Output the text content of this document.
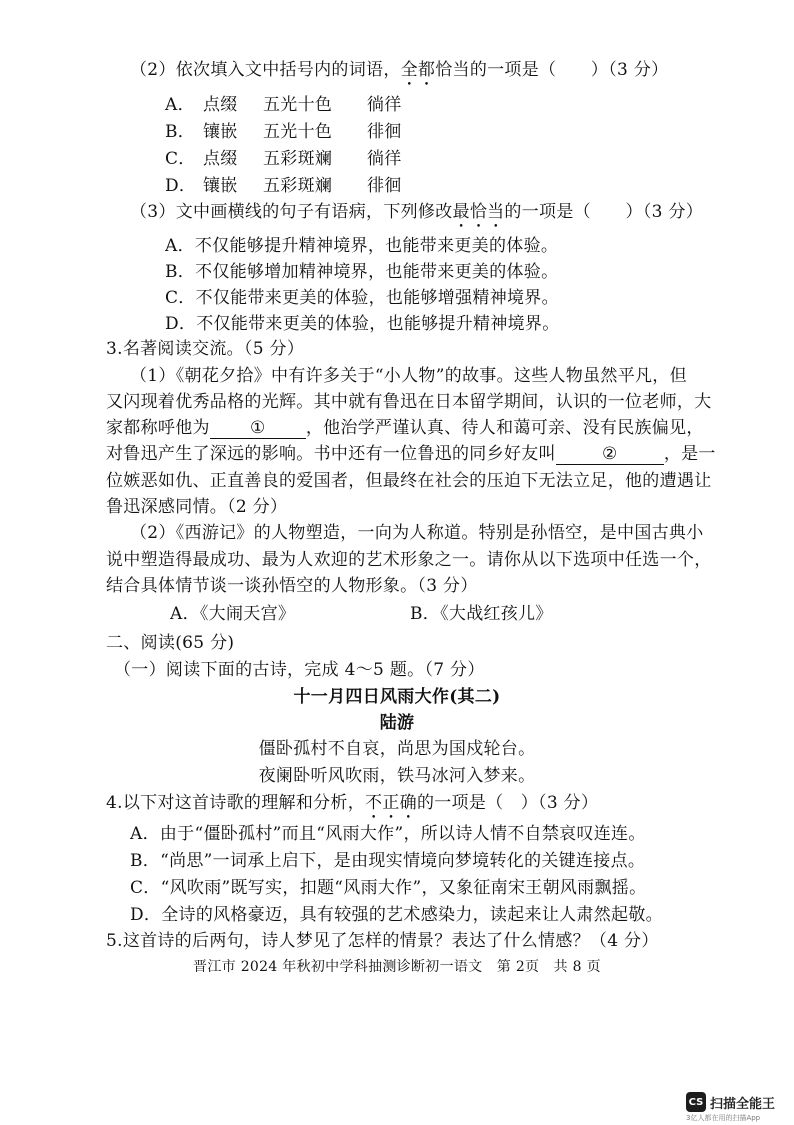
（2）依次填入文中括号内的词语，全都恰当的一项是（　　）（3 分）
A． 点缀 五光十色 徜徉
B． 镶嵌 五光十色 徘徊
C． 点缀 五彩斑斓 徜徉
D． 镶嵌 五彩斑斓 徘徊
（3）文中画横线的句子有语病，下列修改最恰当的一项是（　　）（3 分）
A．不仅能够提升精神境界，也能带来更美的体验。
B．不仅能够增加精神境界，也能带来更美的体验。
C．不仅能带来更美的体验，也能够增强精神境界。
D．不仅能带来更美的体验，也能够提升精神境界。
3.名著阅读交流。（5 分）
（1）《朝花夕拾》中有许多关于“小人物”的故事。这些人物虽然平凡，但
又闪现着优秀品格的光辉。其中就有鲁迅在日本留学期间，认识的一位老师，大
家都称呼他为 ① ，他治学严谨认真、待人和蔼可亲、没有民族偏见，
对鲁迅产生了深远的影响。书中还有一位鲁迅的同乡好友叫	②	，是一
位嫉恶如仇、正直善良的爱国者，但最终在社会的压迫下无法立足，他的遭遇让
鲁迅深感同情。（2 分）
（2）《西游记》的人物塑造，一向为人称道。特别是孙悟空，是中国古典小
说中塑造得最成功、最为人欢迎的艺术形象之一。请你从以下选项中任选一个，
结合具体情节谈一谈孙悟空的人物形象。（3 分）
A．《大闹天宫》	B．《大战红孩儿》
二、阅读(65 分)
（一）阅读下面的古诗，完成 4～5 题。（7 分）
十一月四日风雨大作(其二)
陆游
僵卧孤村不自哀，尚思为国戍轮台。
夜阑卧听风吹雨，铁马冰河入梦来。
4.以下对这首诗歌的理解和分析，不正确的一项是（　）（3 分）
A．由于“僵卧孤村”而且“风雨大作”，所以诗人情不自禁哀叹连连。
B．“尚思”一词承上启下，是由现实情境向梦境转化的关键连接点。
C．“风吹雨”既写实，扣题“风雨大作”，又象征南宋王朝风雨飘摇。
D．全诗的风格豪迈，具有较强的艺术感染力，读起来让人肃然起敬。
5.这首诗的后两句，诗人梦见了怎样的情景？表达了什么情感？（4 分）
晋江市 2024 年秋初中学科抽测诊断初一语文　第 2页　共 8 页
CS 扫描全能王
3亿人都在用的扫描App
